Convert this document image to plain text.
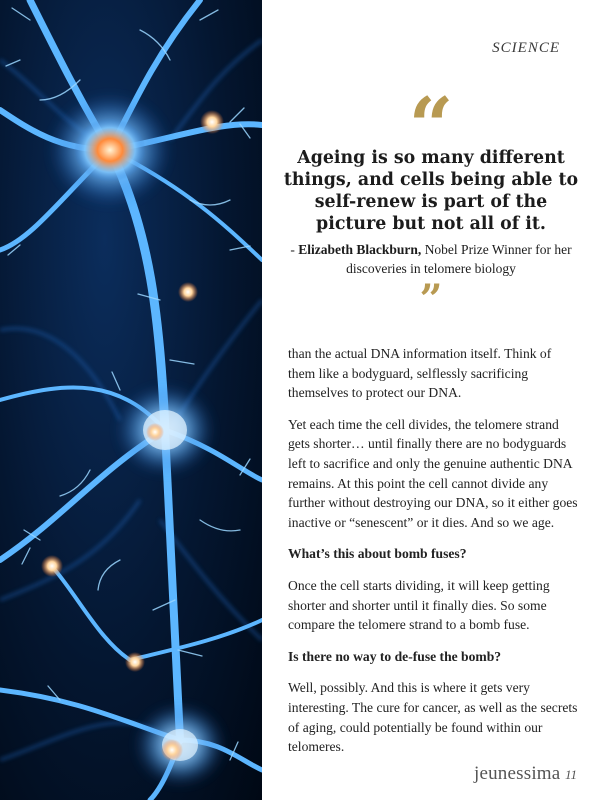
SCIENCE
“

Ageing is so many different things, and cells being able to self-renew is part of the picture but not all of it.

- Elizabeth Blackburn, Nobel Prize Winner for her discoveries in telomere biology

”

than the actual DNA information itself. Think of them like a bodyguard, selflessly sacrificing themselves to protect our DNA.

Yet each time the cell divides, the telomere strand gets shorter… until finally there are no bodyguards left to sacrifice and only the genuine authentic DNA remains. At this point the cell cannot divide any further without destroying our DNA, so it either goes inactive or “senescent” or it dies. And so we age.

What’s this about bomb fuses?

Once the cell starts dividing, it will keep getting shorter and shorter until it finally dies. So some compare the telomere strand to a bomb fuse.

Is there no way to de-fuse the bomb?

Well, possibly. And this is where it gets very interesting. The cure for cancer, as well as the secrets of aging, could potentially be found within our telomeres.

jeunessima 11
